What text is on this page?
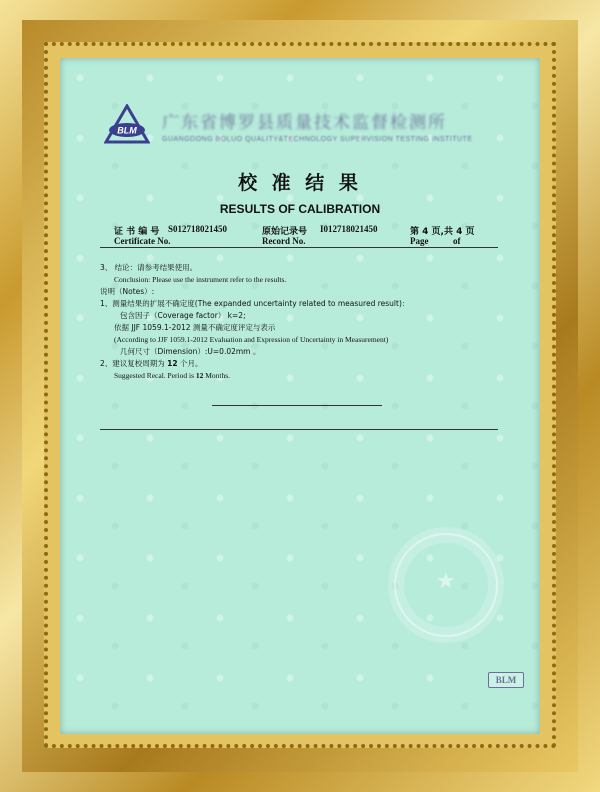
BLM 广东省博罗县质量技术监督检测所
GUANGDONG BOLUO QUALITY&TECHNOLOGY SUPERVISION TESTING INSTITUTE
校 准 结 果
RESULTS OF CALIBRATION
证 书 编 号 S012718021450
Certificate No.
原始记录号 I012718021450
Record No.
第 4 页,共 4 页
Page	of
3、 结论：请参考结果使用。
Conclusion: Please use the instrument refer to the results.
说明（Notes）:
1、测量结果的扩展不确定度(The expanded uncertainty related to measured result)：
包含因子（Coverage factor） k=2;
依据 JJF 1059.1-2012 测量不确定度评定与表示
(According to JJF 1059.1-2012 Evaluation and Expression of Uncertainty in Measurement)
几何尺寸（Dimension）:U=0.02mm 。
2、建议复校周期为 12 个月。
Suggested Recal. Period is 12 Months.
★
BLM
